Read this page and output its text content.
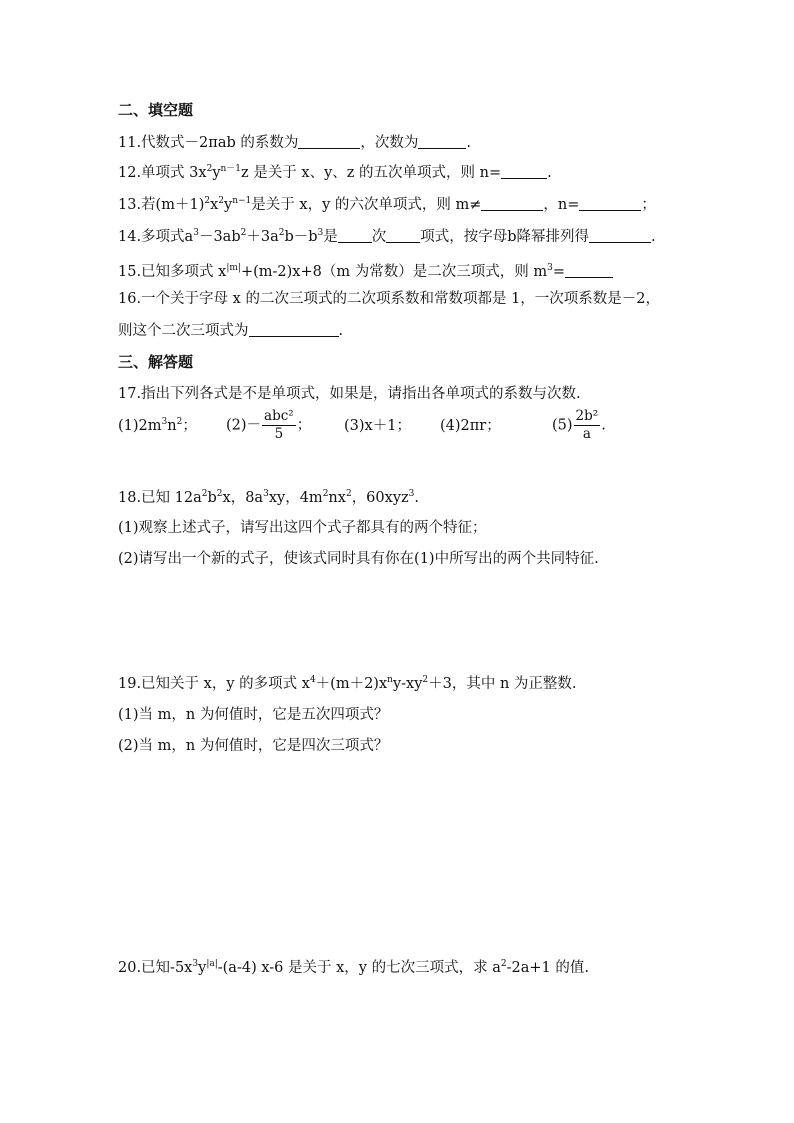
二、填空题
11.代数式－2πab 的系数为	，次数为	.
12.单项式 $3x^2y^{n-1}z$ 是关于 x、y、z 的五次单项式，则 n=	.
13.若$(m+1)^2x^2y^{n-1}$是关于 x，y 的六次单项式，则 m≠	，n=	；
14.多项式$a^3-3ab^2+3a^2b-b^3$是 次 项式，按字母b降幂排列得	.
15.已知多项式 $x^{|m|}+(m-2)x+8(m$ 为常数）是二次三项式，则 $m^3=$
16.一个关于字母 x 的二次三项式的二次项系数和常数项都是 1，一次项系数是－2，
则这个二次三项式为	.
三、解答题
17.指出下列各式是不是单项式，如果是，请指出各单项式的系数与次数.
$(1)2m^3n^2$； $(2)- \frac{\text{abc²}}{5}$ ； (3)x＋1； (4)2πr；	$(5) \frac{\text{2b²}}{a}$ .
18.已知 $12a^2b^2x$，$8a^3xy$，$4m^2nx^2$，60xyz$^3$.
(1)观察上述式子，请写出这四个式子都具有的两个特征；
(2)请写出一个新的式子，使该式同时具有你在(1)中所写出的两个共同特征.
19.已知关于 x，y 的多项式 $x^4+(m+2)x^ny-xy^2+3$，其中 n 为正整数.
(1)当 m，n 为何值时，它是五次四项式？
(2)当 m，n 为何值时，它是四次三项式？
20.已知$-5x^3y^{|a|}-(a-4)$ x-6 是关于 x，y 的七次三项式，求 $a^2-2a+1$ 的值.
